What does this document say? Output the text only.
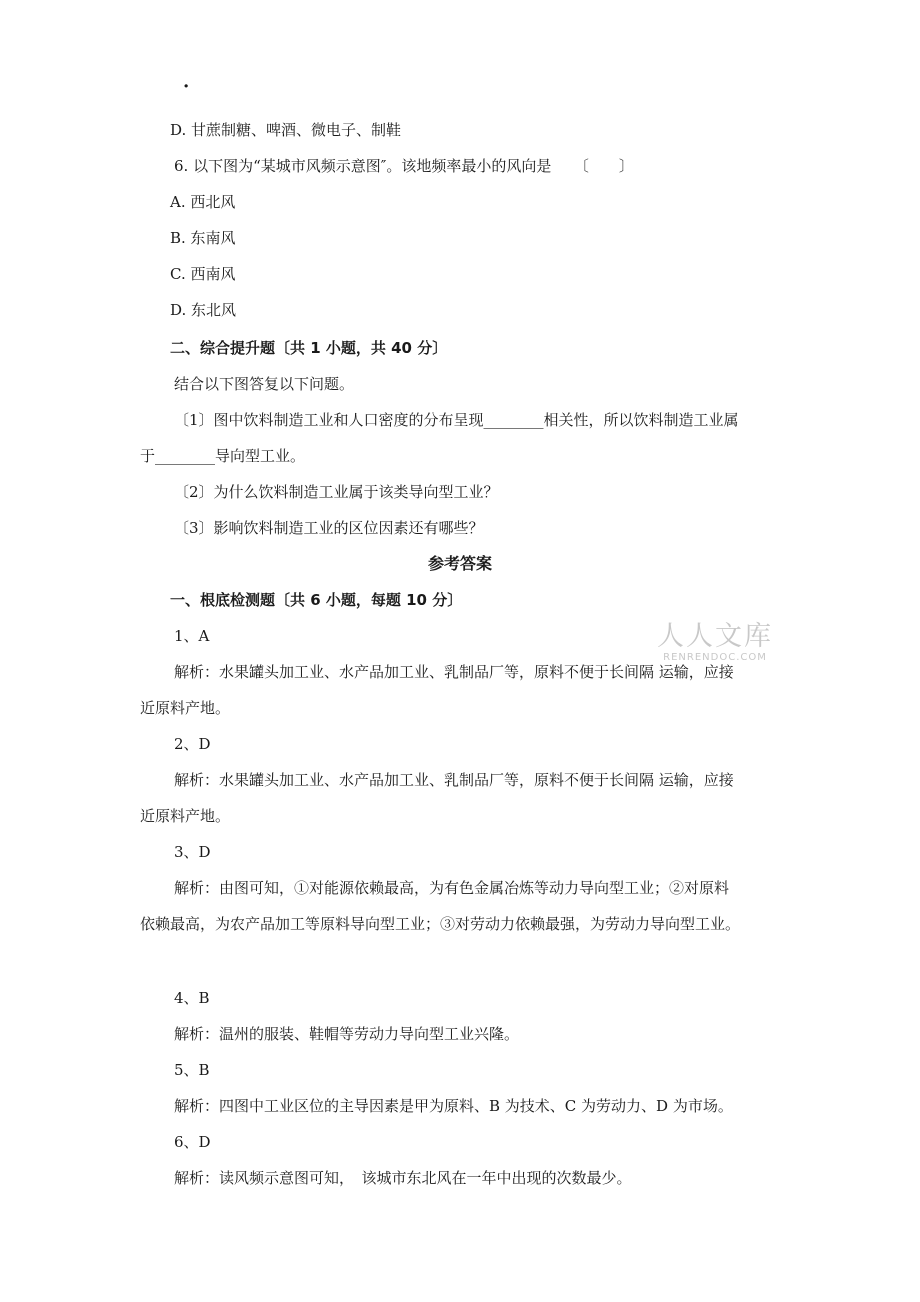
·
D. 甘蔗制糖、啤酒、微电子、制鞋
6. 以下图为“某城市风频示意图″。该地频率最小的风向是　　〔　　〕
A. 西北风
B. 东南风
C. 西南风
D. 东北风
二、综合提升题〔共 1 小题，共 40 分〕
结合以下图答复以下问题。
〔1〕图中饮料制造工业和人口密度的分布呈现________相关性，所以饮料制造工业属
于________导向型工业。
〔2〕为什么饮料制造工业属于该类导向型工业？
〔3〕影响饮料制造工业的区位因素还有哪些？
参考答案
一、根底检测题〔共 6 小题，每题 10 分〕
1、A
解析：水果罐头加工业、水产品加工业、乳制品厂等，原料不便于长间隔 运输，应接
近原料产地。
2、D
解析：水果罐头加工业、水产品加工业、乳制品厂等，原料不便于长间隔 运输，应接
近原料产地。
3、D
解析：由图可知，①对能源依赖最高，为有色金属冶炼等动力导向型工业；②对原料
依赖最高，为农产品加工等原料导向型工业；③对劳动力依赖最强，为劳动力导向型工业。
4、B
解析：温州的服装、鞋帽等劳动力导向型工业兴隆。
5、B
解析：四图中工业区位的主导因素是甲为原料、B 为技术、C 为劳动力、D 为市场。
6、D
解析：读风频示意图可知，　该城市东北风在一年中出现的次数最少。
人人文库
RENRENDOC.COM
